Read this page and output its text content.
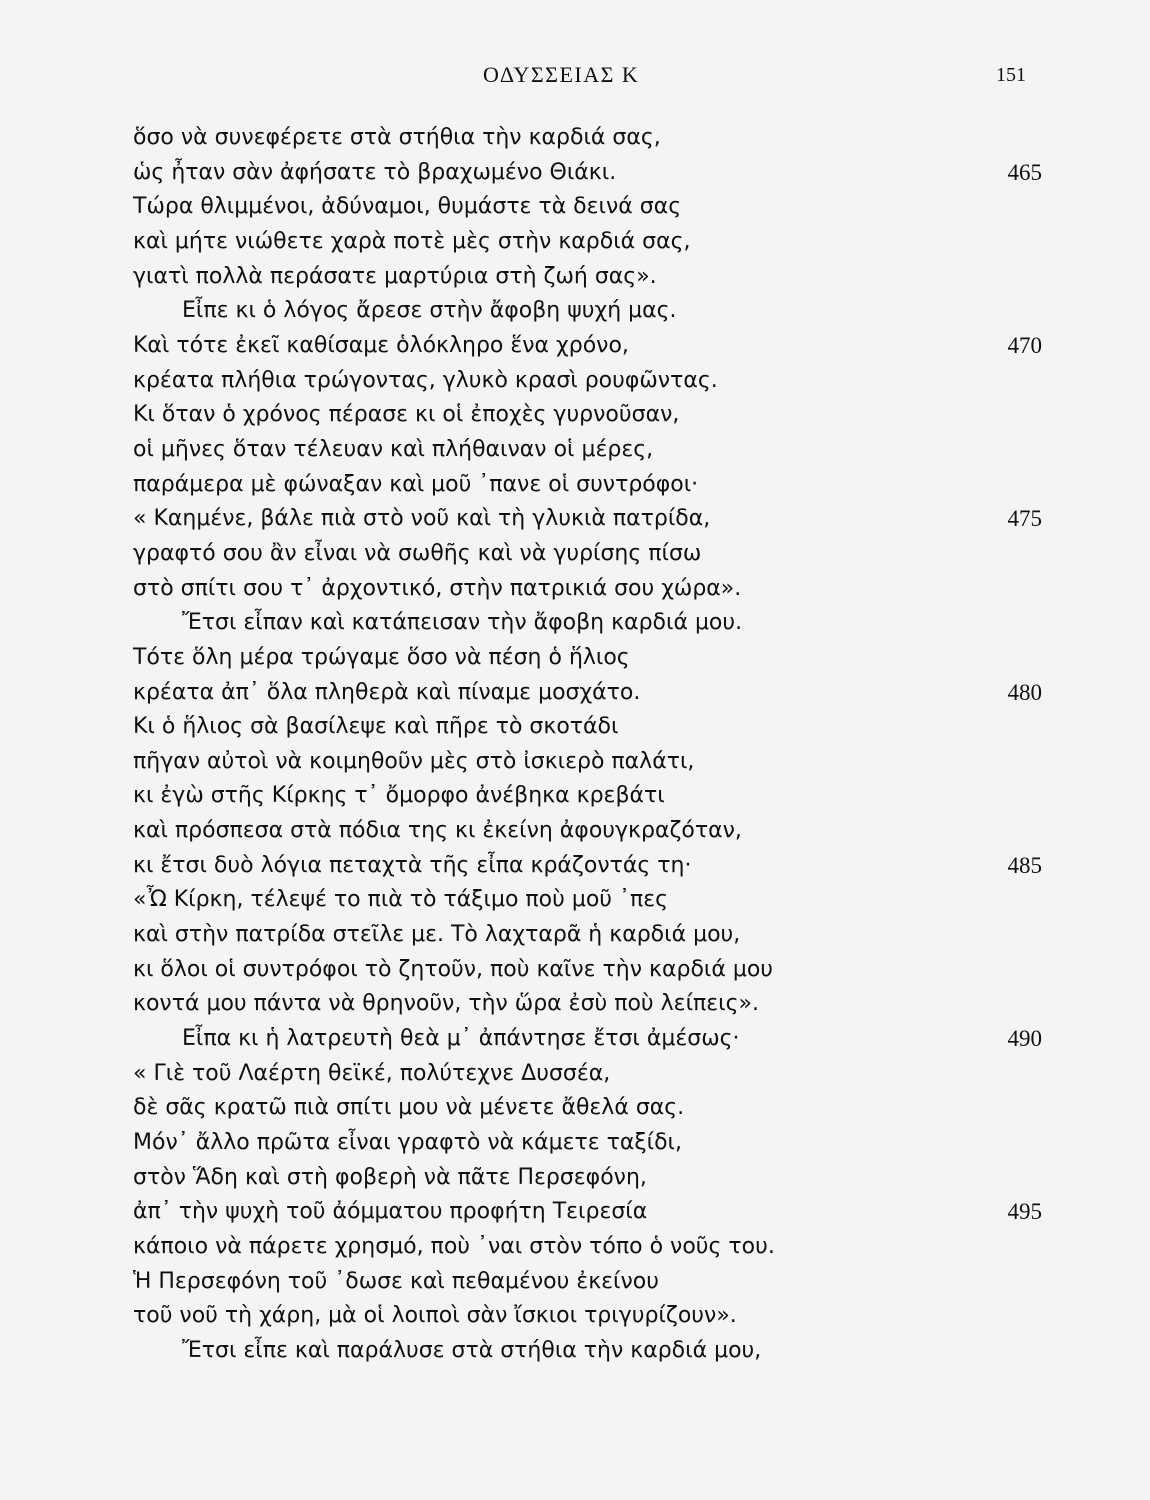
ΟΔΥΣΣΕΙΑΣ Κ	151
ὅσο νὰ συνεφέρετε στὰ στήθια τὴν καρδιά σας,
ὡς ἦταν σὰν ἀφήσατε τὸ βραχωμένο Θιάκι.	465
Τώρα θλιμμένοι, ἀδύναμοι, θυμάστε τὰ δεινά σας
καὶ μήτε νιώθετε χαρὰ ποτὲ μὲς στὴν καρδιά σας,
γιατὶ πολλὰ περάσατε μαρτύρια στὴ ζωή σας».
Εἶπε κι ὁ λόγος ἄρεσε στὴν ἄφοβη ψυχή μας.
Καὶ τότε ἐκεῖ καθίσαμε ὁλόκληρο ἕνα χρόνο,	470
κρέατα πλήθια τρώγοντας, γλυκὸ κρασὶ ρουφῶντας.
Κι ὅταν ὁ χρόνος πέρασε κι οἱ ἐποχὲς γυρνοῦσαν,
οἱ μῆνες ὅταν τέλευαν καὶ πλήθαιναν οἱ μέρες,
παράμερα μὲ φώναξαν καὶ μοῦ ᾽πανε οἱ συντρόφοι·
« Καημένε, βάλε πιὰ στὸ νοῦ καὶ τὴ γλυκιὰ πατρίδα,	475
γραφτό σου ἂν εἶναι νὰ σωθῆς καὶ νὰ γυρίσης πίσω
στὸ σπίτι σου τ᾽ ἀρχοντικό, στὴν πατρικιά σου χώρα».
Ἔτσι εἶπαν καὶ κατάπεισαν τὴν ἄφοβη καρδιά μου.
Τότε ὅλη μέρα τρώγαμε ὅσο νὰ πέση ὁ ἥλιος
κρέατα ἀπ᾽ ὅλα πληθερὰ καὶ πίναμε μοσχάτο.	480
Κι ὁ ἥλιος σὰ βασίλεψε καὶ πῆρε τὸ σκοτάδι
πῆγαν αὐτοὶ νὰ κοιμηθοῦν μὲς στὸ ἰσκιερὸ παλάτι,
κι ἐγὼ στῆς Κίρκης τ᾽ ὄμορφο ἀνέβηκα κρεβάτι
καὶ πρόσπεσα στὰ πόδια της κι ἐκείνη ἀφουγκραζόταν,
κι ἔτσι δυὸ λόγια πεταχτὰ τῆς εἶπα κράζοντάς τη·	485
«Ὦ Κίρκη, τέλεψέ το πιὰ τὸ τάξιμο ποὺ μοῦ ᾽πες
καὶ στὴν πατρίδα στεῖλε με. Τὸ λαχταρᾶ ἡ καρδιά μου,
κι ὅλοι οἱ συντρόφοι τὸ ζητοῦν, ποὺ καῖνε τὴν καρδιά μου
κοντά μου πάντα νὰ θρηνοῦν, τὴν ὥρα ἐσὺ ποὺ λείπεις».
Εἶπα κι ἡ λατρευτὴ θεὰ μ᾽ ἀπάντησε ἔτσι ἀμέσως·	490
« Γιὲ τοῦ Λαέρτη θεϊκέ, πολύτεχνε Δυσσέα,
δὲ σᾶς κρατῶ πιὰ σπίτι μου νὰ μένετε ἄθελά σας.
Μόν᾽ ἄλλο πρῶτα εἶναι γραφτὸ νὰ κάμετε ταξίδι,
στὸν Ἅδη καὶ στὴ φοβερὴ νὰ πᾶτε Περσεφόνη,
ἀπ᾽ τὴν ψυχὴ τοῦ ἀόμματου προφήτη Τειρεσία	495
κάποιο νὰ πάρετε χρησμό, ποὺ ᾽ναι στὸν τόπο ὁ νοῦς του.
Ἡ Περσεφόνη τοῦ ᾽δωσε καὶ πεθαμένου ἐκείνου
τοῦ νοῦ τὴ χάρη, μὰ οἱ λοιποὶ σὰν ἴσκιοι τριγυρίζουν».
Ἔτσι εἶπε καὶ παράλυσε στὰ στήθια τὴν καρδιά μου,
